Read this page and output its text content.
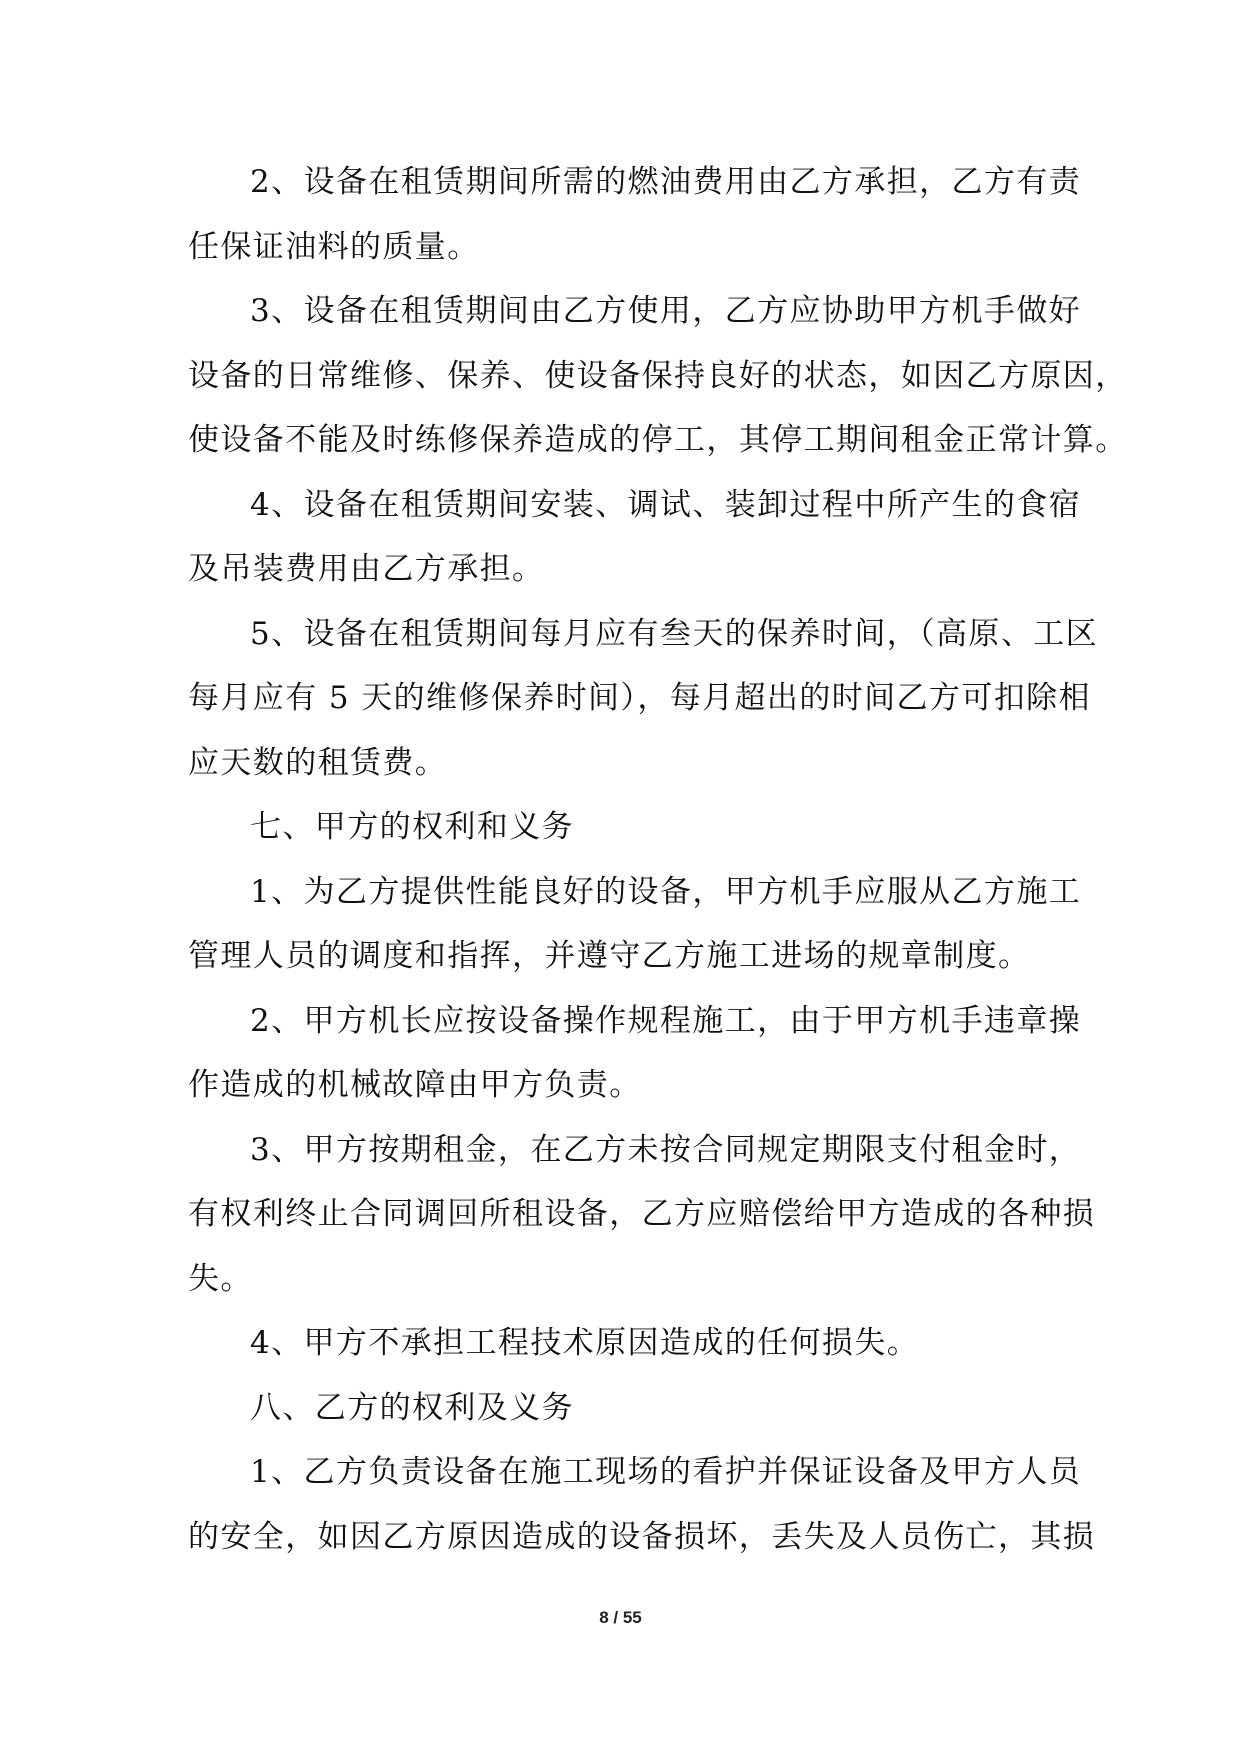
2、设备在租赁期间所需的燃油费用由乙方承担，乙方有责
任保证油料的质量。
3、设备在租赁期间由乙方使用，乙方应协助甲方机手做好
设备的日常维修、保养、使设备保持良好的状态，如因乙方原因，
使设备不能及时练修保养造成的停工，其停工期间租金正常计算。
4、设备在租赁期间安装、调试、装卸过程中所产生的食宿
及吊装费用由乙方承担。
5、设备在租赁期间每月应有叁天的保养时间，（高原、工区
每月应有 5 天的维修保养时间），每月超出的时间乙方可扣除相
应天数的租赁费。
七、甲方的权利和义务
1、为乙方提供性能良好的设备，甲方机手应服从乙方施工
管理人员的调度和指挥，并遵守乙方施工进场的规章制度。
2、甲方机长应按设备操作规程施工，由于甲方机手违章操
作造成的机械故障由甲方负责。
3、甲方按期租金，在乙方未按合同规定期限支付租金时，
有权利终止合同调回所租设备，乙方应赔偿给甲方造成的各种损
失。
4、甲方不承担工程技术原因造成的任何损失。
八、乙方的权利及义务
1、乙方负责设备在施工现场的看护并保证设备及甲方人员
的安全，如因乙方原因造成的设备损坏，丢失及人员伤亡，其损
8 / 55
